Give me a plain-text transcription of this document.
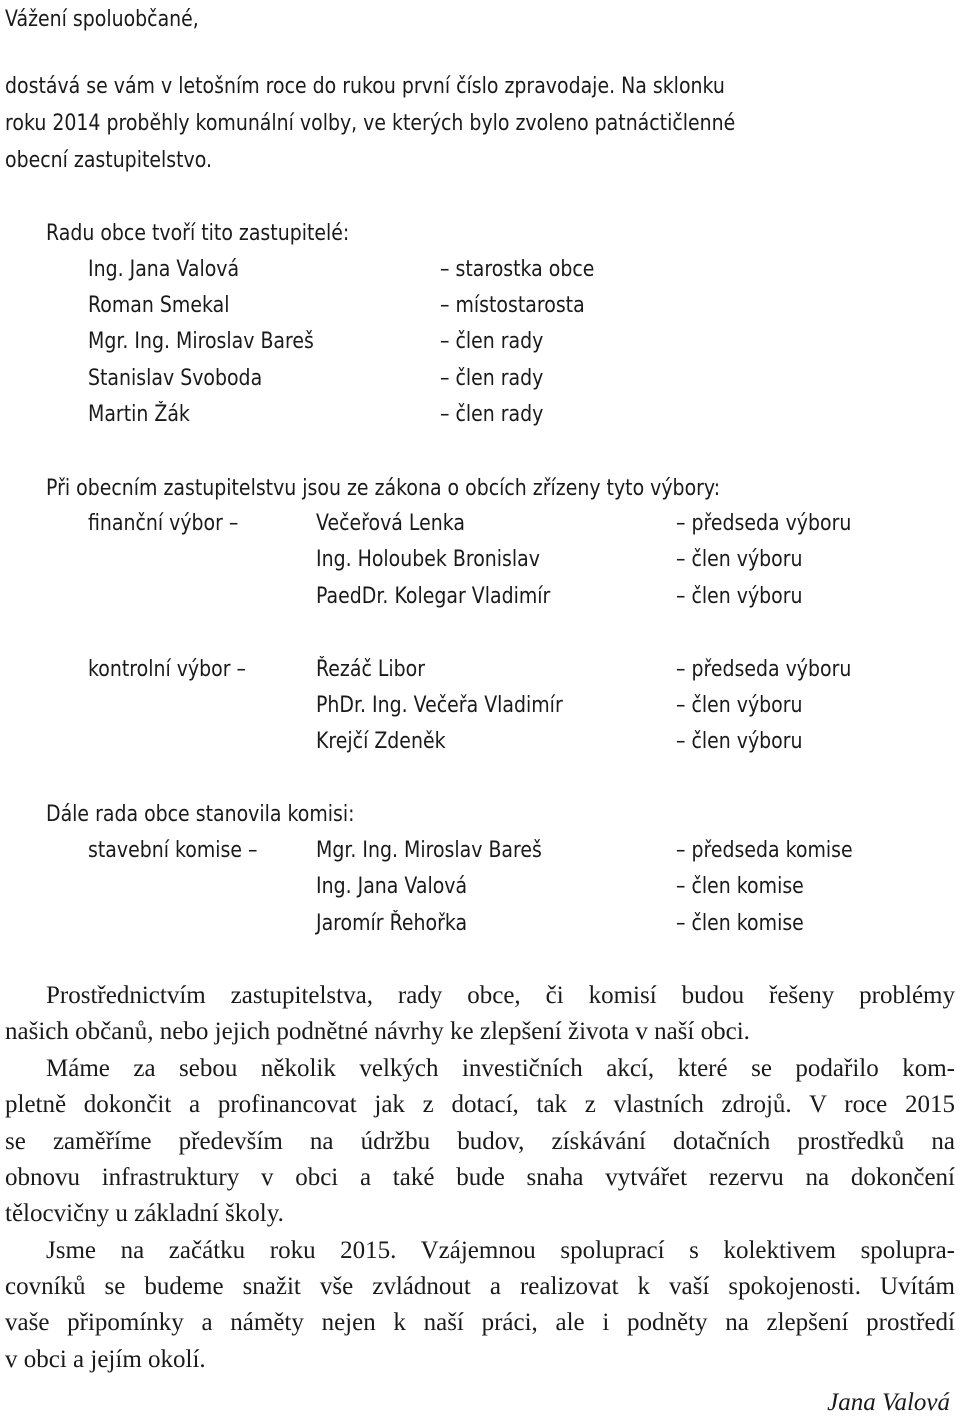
Vážení spoluobčané,
dostává se vám v letošním roce do rukou první číslo zpravodaje. Na sklonku
roku 2014 proběhly komunální volby, ve kterých bylo zvoleno patnáctičlenné
obecní zastupitelstvo.
Radu obce tvoří tito zastupitelé:
Ing. Jana Valová	– starostka obce
Roman Smekal	– místostarosta
Mgr. Ing. Miroslav Bareš	– člen rady
Stanislav Svoboda	– člen rady
Martin Žák	– člen rady
Při obecním zastupitelstvu jsou ze zákona o obcích zřízeny tyto výbory:
finanční výbor –	Večeřová Lenka	– předseda výboru
Ing. Holoubek Bronislav	– člen výboru
PaedDr. Kolegar Vladimír	– člen výboru
kontrolní výbor –	Řezáč Libor	– předseda výboru
PhDr. Ing. Večeřa Vladimír	– člen výboru
Krejčí Zdeněk	– člen výboru
Dále rada obce stanovila komisi:
stavební komise –	Mgr. Ing. Miroslav Bareš	– předseda komise
Ing. Jana Valová	– člen komise
Jaromír Řehořka	– člen komise
Prostřednictvím zastupitelstva, rady obce, či komisí budou řešeny problémy
našich občanů, nebo jejich podnětné návrhy ke zlepšení života v naší obci.
Máme za sebou několik velkých investičních akcí, které se podařilo kom-
pletně dokončit a profinancovat jak z dotací, tak z vlastních zdrojů. V roce 2015
se zaměříme především na údržbu budov, získávání dotačních prostředků na
obnovu infrastruktury v obci a také bude snaha vytvářet rezervu na dokončení
tělocvičny u základní školy.
Jsme na začátku roku 2015. Vzájemnou spoluprací s kolektivem spolupra-
covníků se budeme snažit vše zvládnout a realizovat k vaší spokojenosti. Uvítám
vaše připomínky a náměty nejen k naší práci, ale i podněty na zlepšení prostředí
v obci a jejím okolí.
Jana Valová
